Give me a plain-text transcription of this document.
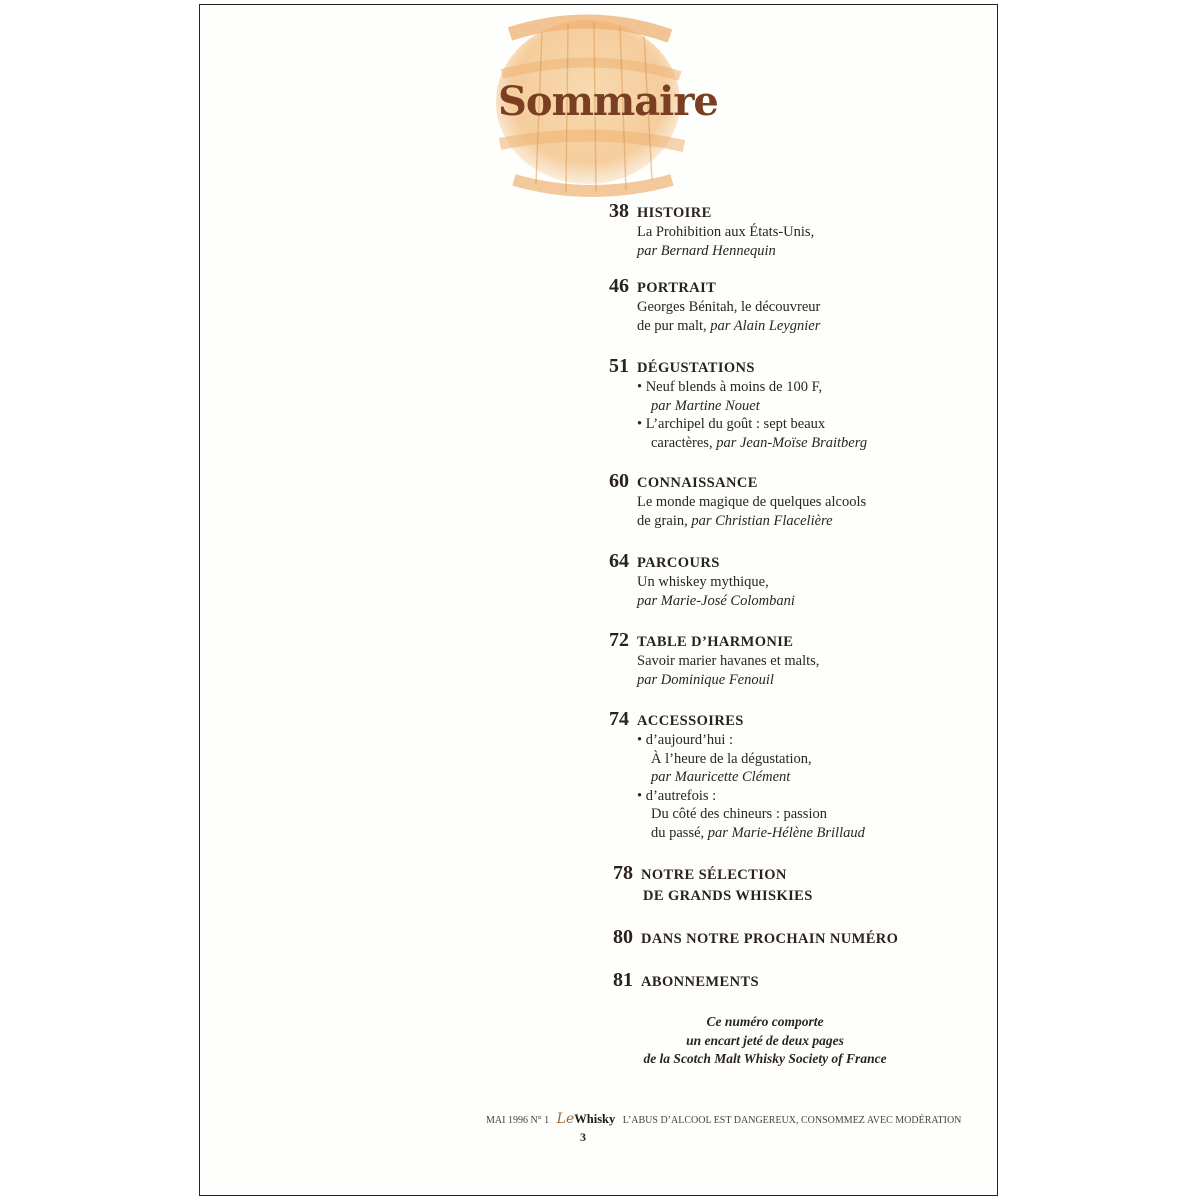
Sommaire
38 HISTOIRE
La Prohibition aux États-Unis,
par Bernard Hennequin
46 PORTRAIT
Georges Bénitah, le découvreur
de pur malt, par Alain Leygnier
51 DÉGUSTATIONS
• Neuf blends à moins de 100 F,
par Martine Nouet
• L’archipel du goût : sept beaux
caractères, par Jean-Moïse Braitberg
60 CONNAISSANCE
Le monde magique de quelques alcools
de grain, par Christian Flacelière
64 PARCOURS
Un whiskey mythique,
par Marie-José Colombani
72 TABLE D’HARMONIE
Savoir marier havanes et malts,
par Dominique Fenouil
74 ACCESSOIRES
• d’aujourd’hui :
À l’heure de la dégustation,
par Mauricette Clément
• d’autrefois :
Du côté des chineurs : passion
du passé, par Marie-Hélène Brillaud
78 NOTRE SÉLECTION
DE GRANDS WHISKIES
80 DANS NOTRE PROCHAIN NUMÉRO
81 ABONNEMENTS
Ce numéro comporte
un encart jeté de deux pages
de la Scotch Malt Whisky Society of France
MAI 1996 N° 1 LeWhisky L’ABUS D’ALCOOL EST DANGEREUX, CONSOMMEZ AVEC MODÉRATION
3
